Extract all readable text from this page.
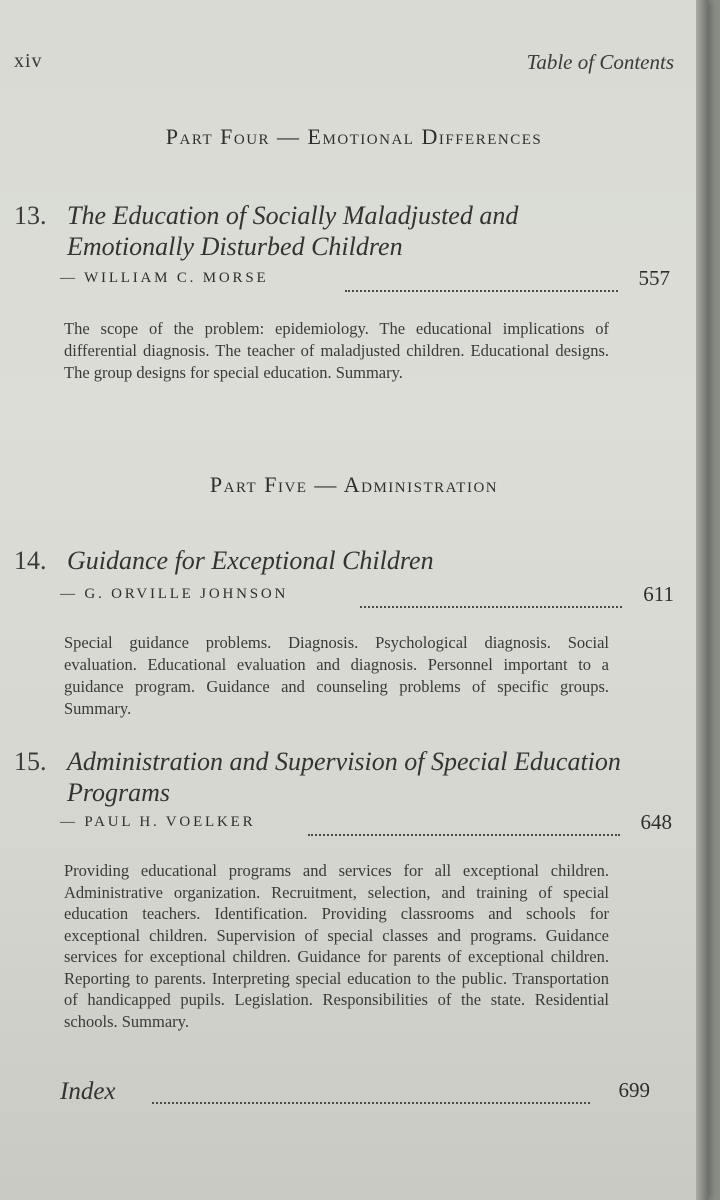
xiv	Table of Contents
Part Four — Emotional Differences
13. The Education of Socially Maladjusted and Emotionally Disturbed Children
— WILLIAM C. MORSE	557
The scope of the problem: epidemiology. The educational implications of differential diagnosis. The teacher of maladjusted children. Educational designs. The group designs for special education. Summary.
Part Five — Administration
14. Guidance for Exceptional Children
— G. ORVILLE JOHNSON	611
Special guidance problems. Diagnosis. Psychological diagnosis. Social evaluation. Educational evaluation and diagnosis. Personnel important to a guidance program. Guidance and counseling problems of specific groups. Summary.
15. Administration and Supervision of Special Education Programs
— PAUL H. VOELKER	648
Providing educational programs and services for all exceptional children. Administrative organization. Recruitment, selection, and training of special education teachers. Identification. Providing classrooms and schools for exceptional children. Supervision of special classes and programs. Guidance services for exceptional children. Guidance for parents of exceptional children. Reporting to parents. Interpreting special education to the public. Transportation of handicapped pupils. Legislation. Responsibilities of the state. Residential schools. Summary.
Index	699
